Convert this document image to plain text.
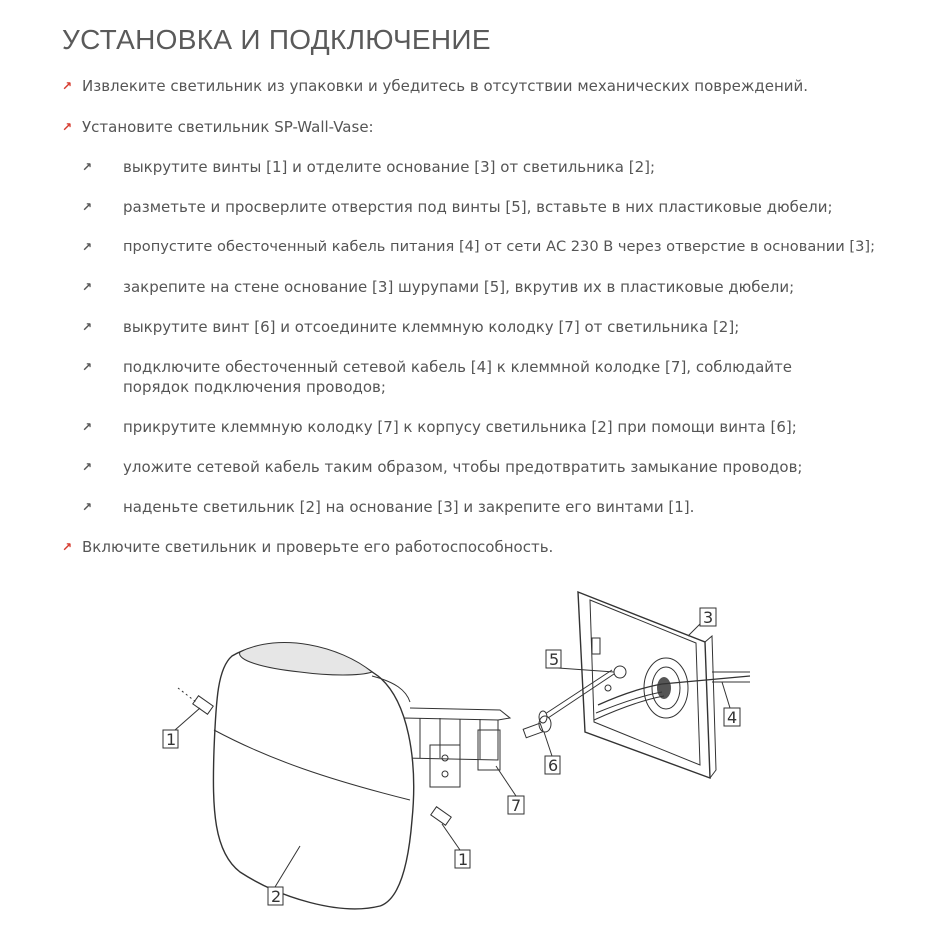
УСТАНОВКА И ПОДКЛЮЧЕНИЕ
↗ Извлеките светильник из упаковки и убедитесь в отсутствии механических повреждений.
↗ Установите светильник SP-Wall-Vase:
↗ выкрутите винты [1] и отделите основание [3] от светильника [2];
↗ разметьте и просверлите отверстия под винты [5], вставьте в них пластиковые дюбели;
↗ пропустите обесточенный кабель питания [4] от сети АС 230 В через отверстие в основании [3];
↗ закрепите на стене основание [3] шурупами [5], вкрутив их в пластиковые дюбели;
↗ выкрутите винт [6] и отсоедините клеммную колодку [7] от светильника [2];
↗ подключите обесточенный сетевой кабель [4] к клеммной колодке [7], соблюдайте порядок подключения проводов;
↗ прикрутите клеммную колодку [7] к корпусу светильника [2] при помощи винта [6];
↗ уложите сетевой кабель таким образом, чтобы предотвратить замыкание проводов;
↗ наденьте светильник [2] на основание [3] и закрепите его винтами [1].
↗ Включите светильник и проверьте его работоспособность.
1
2
3
4
5
6
7
1
